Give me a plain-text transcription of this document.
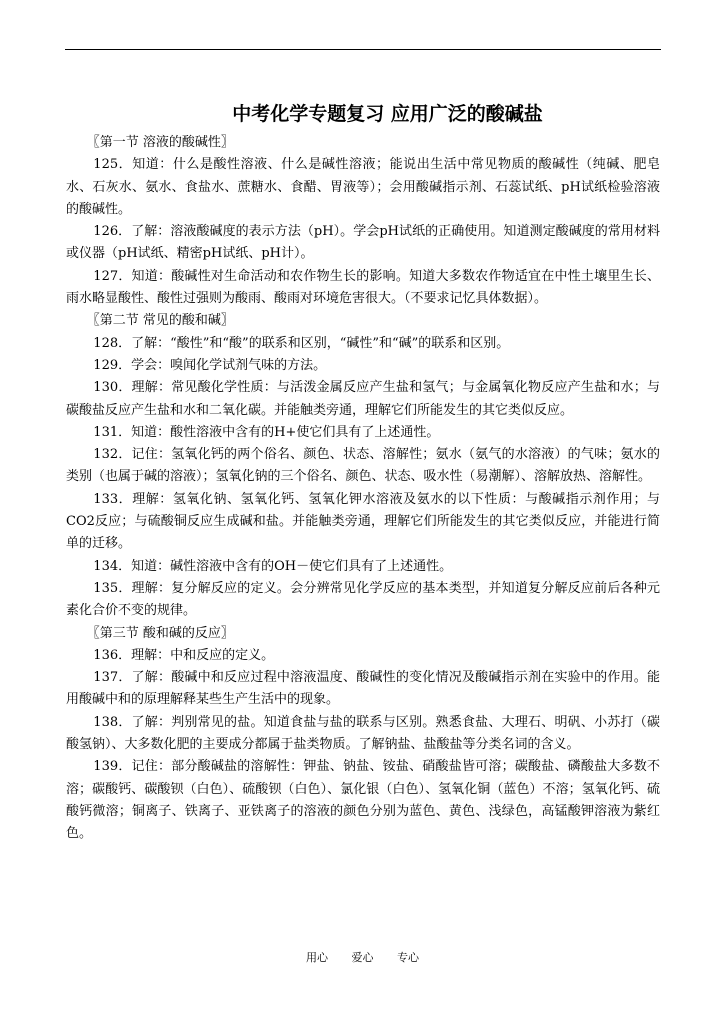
中考化学专题复习 应用广泛的酸碱盐

〖第一节 溶液的酸碱性〗

125．知道：什么是酸性溶液、什么是碱性溶液；能说出生活中常见物质的酸碱性（纯碱、肥皂水、石灰水、氨水、食盐水、蔗糖水、食醋、胃液等）；会用酸碱指示剂、石蕊试纸、pH试纸检验溶液的酸碱性。

126．了解：溶液酸碱度的表示方法（pH）。学会pH试纸的正确使用。知道测定酸碱度的常用材料或仪器（pH试纸、精密pH试纸、pH计）。

127．知道：酸碱性对生命活动和农作物生长的影响。知道大多数农作物适宜在中性土壤里生长、雨水略显酸性、酸性过强则为酸雨、酸雨对环境危害很大。（不要求记忆具体数据）。

〖第二节 常见的酸和碱〗

128．了解：“酸性”和“酸”的联系和区别，“碱性”和“碱”的联系和区别。

129．学会：嗅闻化学试剂气味的方法。

130．理解：常见酸化学性质：与活泼金属反应产生盐和氢气；与金属氧化物反应产生盐和水；与碳酸盐反应产生盐和水和二氧化碳。并能触类旁通，理解它们所能发生的其它类似反应。

131．知道：酸性溶液中含有的H+使它们具有了上述通性。

132．记住：氢氧化钙的两个俗名、颜色、状态、溶解性；氨水（氨气的水溶液）的气味；氨水的类别（也属于碱的溶液）；氢氧化钠的三个俗名、颜色、状态、吸水性（易潮解）、溶解放热、溶解性。

133．理解：氢氧化钠、氢氧化钙、氢氧化钾水溶液及氨水的以下性质：与酸碱指示剂作用；与CO2反应；与硫酸铜反应生成碱和盐。并能触类旁通，理解它们所能发生的其它类似反应，并能进行简单的迁移。

134．知道：碱性溶液中含有的OH－使它们具有了上述通性。

135．理解：复分解反应的定义。会分辨常见化学反应的基本类型，并知道复分解反应前后各种元素化合价不变的规律。

〖第三节 酸和碱的反应〗

136．理解：中和反应的定义。

137．了解：酸碱中和反应过程中溶液温度、酸碱性的变化情况及酸碱指示剂在实验中的作用。能用酸碱中和的原理解释某些生产生活中的现象。

138．了解：判别常见的盐。知道食盐与盐的联系与区别。熟悉食盐、大理石、明矾、小苏打（碳酸氢钠）、大多数化肥的主要成分都属于盐类物质。了解钠盐、盐酸盐等分类名词的含义。

139．记住：部分酸碱盐的溶解性：钾盐、钠盐、铵盐、硝酸盐皆可溶；碳酸盐、磷酸盐大多数不溶；碳酸钙、碳酸钡（白色）、硫酸钡（白色）、氯化银（白色）、氢氧化铜（蓝色）不溶；氢氧化钙、硫酸钙微溶；铜离子、铁离子、亚铁离子的溶液的颜色分别为蓝色、黄色、浅绿色，高锰酸钾溶液为紫红色。

用心 爱心 专心
